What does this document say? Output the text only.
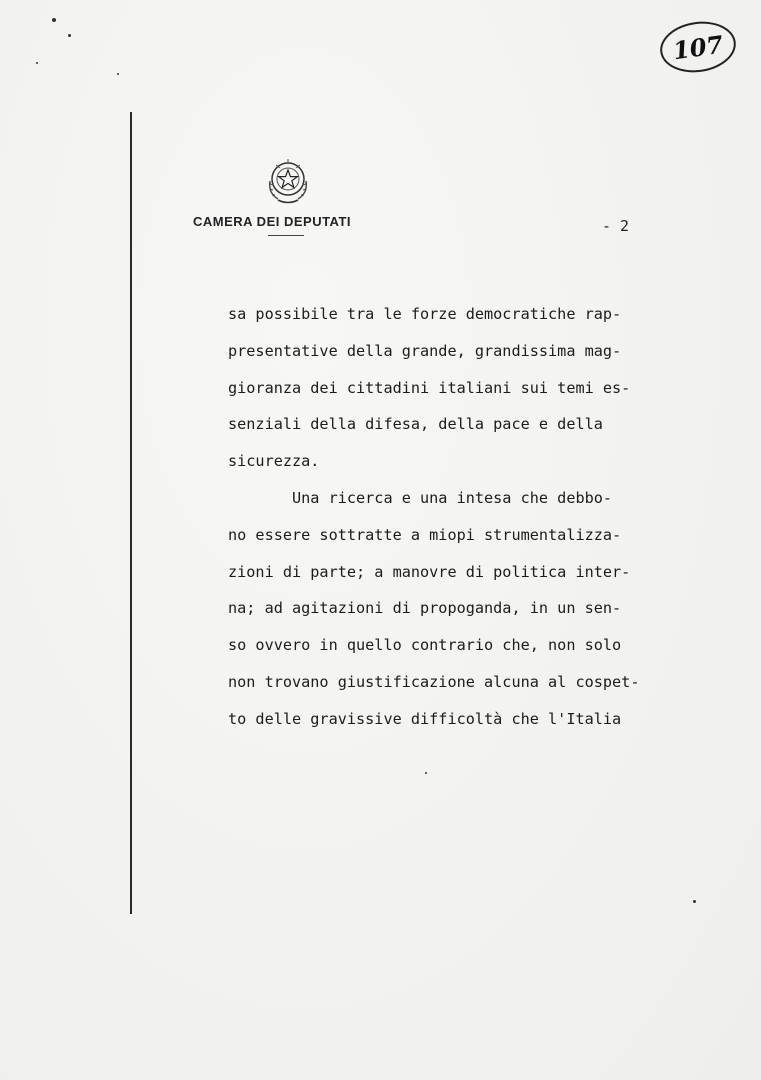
107
CAMERA DEI DEPUTATI	- 2
sa possibile tra le forze democratiche rap-
presentative della grande, grandissima mag-
gioranza dei cittadini italiani sui temi es-
senziali della difesa, della pace e della
sicurezza.
Una ricerca e una intesa che debbo-
no essere sottratte a miopi strumentalizza-
zioni di parte; a manovre di politica inter-
na; ad agitazioni di propoganda, in un sen-
so ovvero in quello contrario che, non solo
non trovano giustificazione alcuna al cospet-
to delle gravissive difficoltà che l'Italia
